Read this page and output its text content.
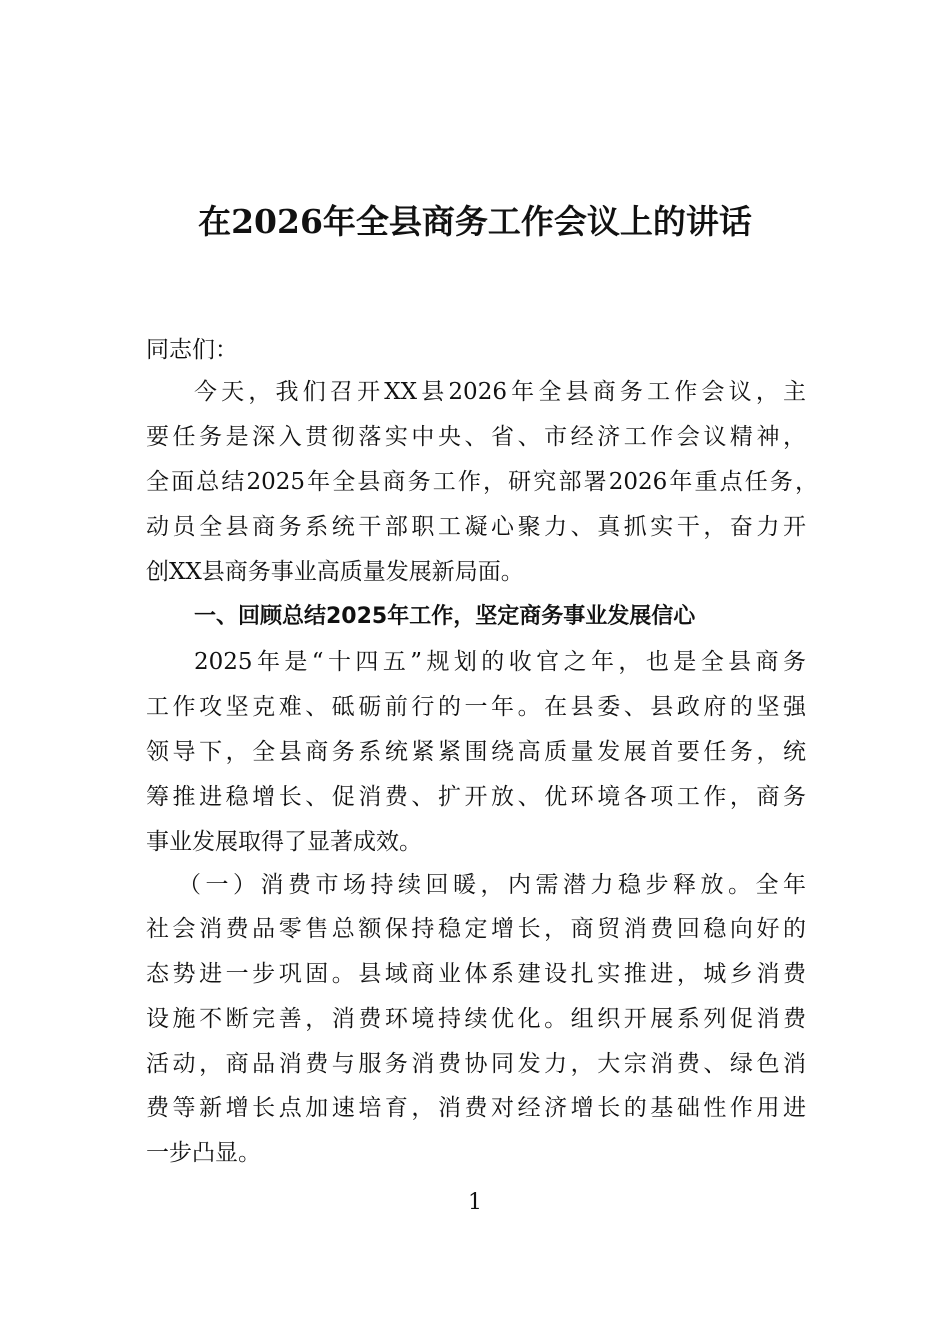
在2026年全县商务工作会议上的讲话
同志们：
今天，我们召开XX县2026年全县商务工作会议，主
要任务是深入贯彻落实中央、省、市经济工作会议精神，
全面总结2025年全县商务工作，研究部署2026年重点任务，
动员全县商务系统干部职工凝心聚力、真抓实干，奋力开
创XX县商务事业高质量发展新局面。
一、回顾总结2025年工作，坚定商务事业发展信心
2025年是“十四五”规划的收官之年，也是全县商务
工作攻坚克难、砥砺前行的一年。在县委、县政府的坚强
领导下，全县商务系统紧紧围绕高质量发展首要任务，统
筹推进稳增长、促消费、扩开放、优环境各项工作，商务
事业发展取得了显著成效。
（一）消费市场持续回暖，内需潜力稳步释放。全年
社会消费品零售总额保持稳定增长，商贸消费回稳向好的
态势进一步巩固。县域商业体系建设扎实推进，城乡消费
设施不断完善，消费环境持续优化。组织开展系列促消费
活动，商品消费与服务消费协同发力，大宗消费、绿色消
费等新增长点加速培育，消费对经济增长的基础性作用进
一步凸显。
1
